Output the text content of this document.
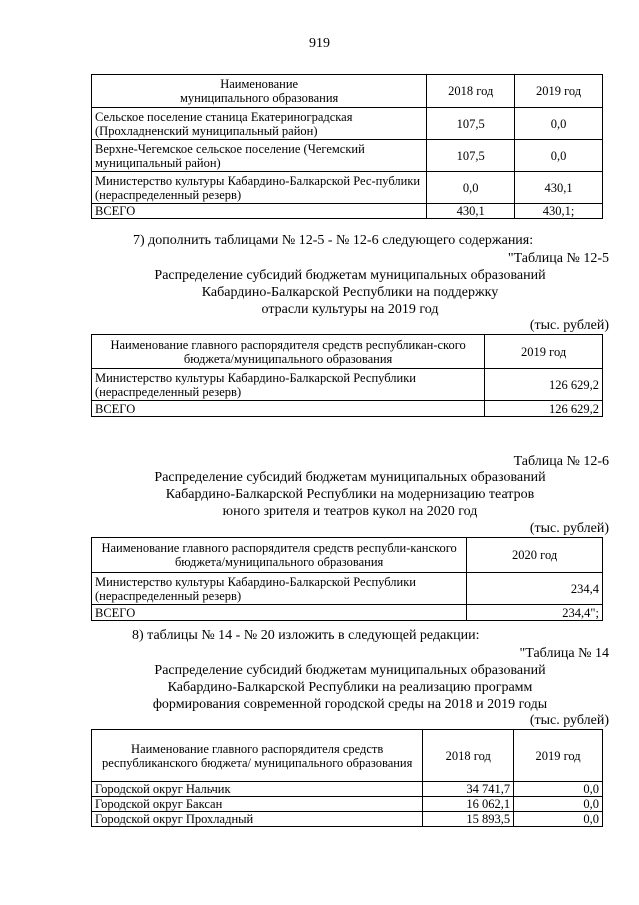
919
Наименование
муниципального образования	2018 год	2019 год
Сельское поселение станица Екатериноградская (Прохладненский муниципальный район)	107,5	0,0
Верхне-Чегемское сельское поселение (Чегемский муниципальный район)	107,5	0,0
Министерство культуры Кабардино-Балкарской Рес-публики (нераспределенный резерв)	0,0	430,1
ВСЕГО	430,1	430,1;
7) дополнить таблицами № 12-5 - № 12-6 следующего содержания:
"Таблица № 12-5
Распределение субсидий бюджетам муниципальных образований
Кабардино-Балкарской Республики на поддержку
отрасли культуры на 2019 год
(тыс. рублей)
Наименование главного распорядителя средств республикан-ского бюджета/муниципального образования	2019 год
Министерство культуры Кабардино-Балкарской Республики (нераспределенный резерв)	126 629,2
ВСЕГО	126 629,2
Таблица № 12-6
Распределение субсидий бюджетам муниципальных образований
Кабардино-Балкарской Республики на модернизацию театров
юного зрителя и театров кукол на 2020 год
(тыс. рублей)
Наименование главного распорядителя средств республи-канского бюджета/муниципального образования	2020 год
Министерство культуры Кабардино-Балкарской Республики (нераспределенный резерв)	234,4
ВСЕГО	234,4";
8) таблицы № 14 - № 20 изложить в следующей редакции:
"Таблица № 14
Распределение субсидий бюджетам муниципальных образований
Кабардино-Балкарской Республики на реализацию программ
формирования современной городской среды на 2018 и 2019 годы
(тыс. рублей)
Наименование главного распорядителя средств республиканского бюджета/ муниципального образования	2018 год	2019 год
Городской округ Нальчик	34 741,7	0,0
Городской округ Баксан	16 062,1	0,0
Городской округ Прохладный	15 893,5	0,0
